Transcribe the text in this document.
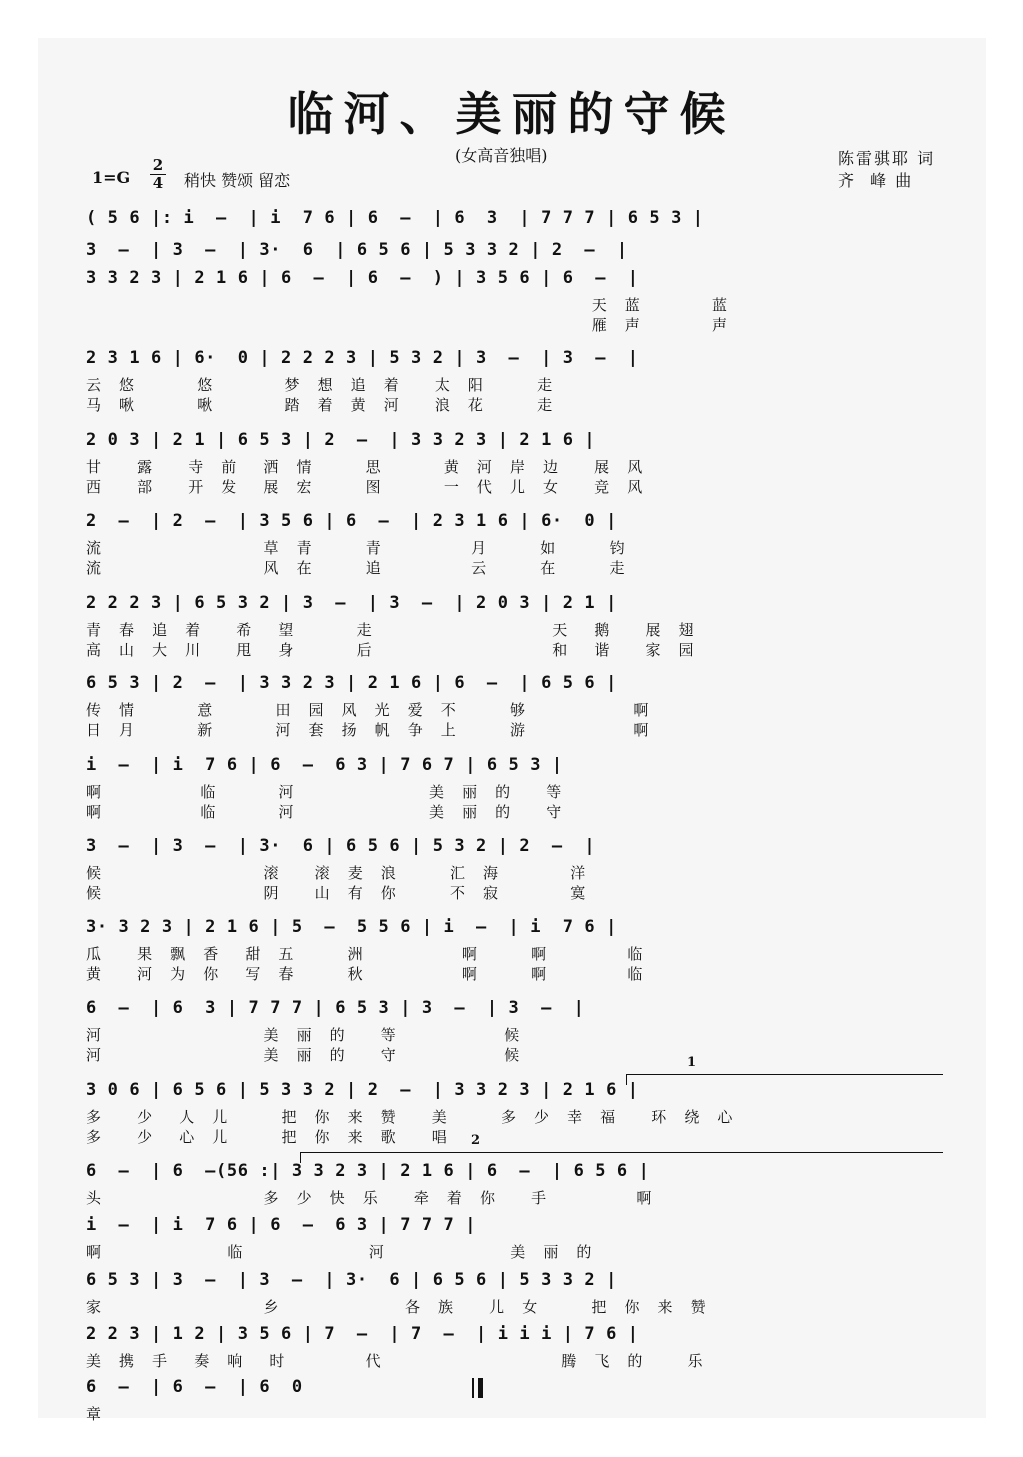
临河、美丽的守候
(女高音独唱)
1=G
2
4 稍快 赞颂 留恋
陈雷骐耶 词
齐  峰 曲
( 5 6 |: i  —  | i  7 6 | 6  —  | 6  3  | 7 7 7 | 6 5 3 |
3  —  | 3  —  | 3·  6  | 6 5 6 | 5 3 3 2 | 2  —  |
3 3 2 3 | 2 1 6 | 6  —  | 6  —  ) | 3 5 6 | 6  —  |
天  蓝        蓝
雁  声        声
2 3 1 6 | 6·  0 | 2 2 2 3 | 5 3 2 | 3  —  | 3  —  |
云  悠       悠        梦  想  追  着    太  阳      走
马  啾       啾        踏  着  黄  河    浪  花      走
2 0 3 | 2 1 | 6 5 3 | 2  —  | 3 3 2 3 | 2 1 6 |
甘    露    寺  前   洒  情      思       黄  河  岸  边    展  风
西    部    开  发   展  宏      图       一  代  儿  女    竞  风
2  —  | 2  —  | 3 5 6 | 6  —  | 2 3 1 6 | 6·  0 |
流                  草  青      青          月      如      钧
流                  风  在      追          云      在      走
2 2 2 3 | 6 5 3 2 | 3  —  | 3  —  | 2 0 3 | 2 1 |
青  春  追  着    希   望       走                    天   鹅    展  翅
高  山  大  川    甩   身       后                    和   谐    家  园
6 5 3 | 2  —  | 3 3 2 3 | 2 1 6 | 6  —  | 6 5 6 |
传  情       意       田  园  风  光  爱  不      够            啊
日  月       新       河  套  扬  帆  争  上      游            啊
i  —  | i  7 6 | 6  —  6 3 | 7 6 7 | 6 5 3 |
啊           临       河               美  丽  的    等
啊           临       河               美  丽  的    守
3  —  | 3  —  | 3·  6 | 6 5 6 | 5 3 2 | 2  —  |
候                  滚    滚  麦  浪      汇  海        洋
候                  阴    山  有  你      不  寂        寞
3· 3 2 3 | 2 1 6 | 5  —  5 5 6 | i  —  | i  7 6 |
瓜    果  飘  香   甜  五      洲           啊      啊         临
黄    河  为  你   写  春      秋           啊      啊         临
6  —  | 6  3 | 7 7 7 | 6 5 3 | 3  —  | 3  —  |
河                  美  丽  的    等            候
河                  美  丽  的    守            候
3 0 6 | 6 5 6 | 5 3 3 2 | 2  —  | 3 3 2 3 | 2 1 6 |
多    少   人  儿      把  你  来  赞    美      多  少  幸  福    环  绕  心
多    少   心  儿      把  你  来  歌    唱
6  —  | 6  —(56 :| 3 3 2 3 | 2 1 6 | 6  —  | 6 5 6 |
头                  多  少  快  乐    牵  着  你    手          啊
i  —  | i  7 6 | 6  —  6 3 | 7 7 7 |
啊              临              河              美  丽  的
6 5 3 | 3  —  | 3  —  | 3·  6 | 6 5 6 | 5 3 3 2 |
家                  乡              各  族    儿  女      把  你  来  赞
2 2 3 | 1 2 | 3 5 6 | 7  —  | 7  —  | i i i | 7 6 |
美  携  手   奏  响   时         代                    腾  飞  的     乐
6  —  | 6  —  | 6  0
章
1
2
